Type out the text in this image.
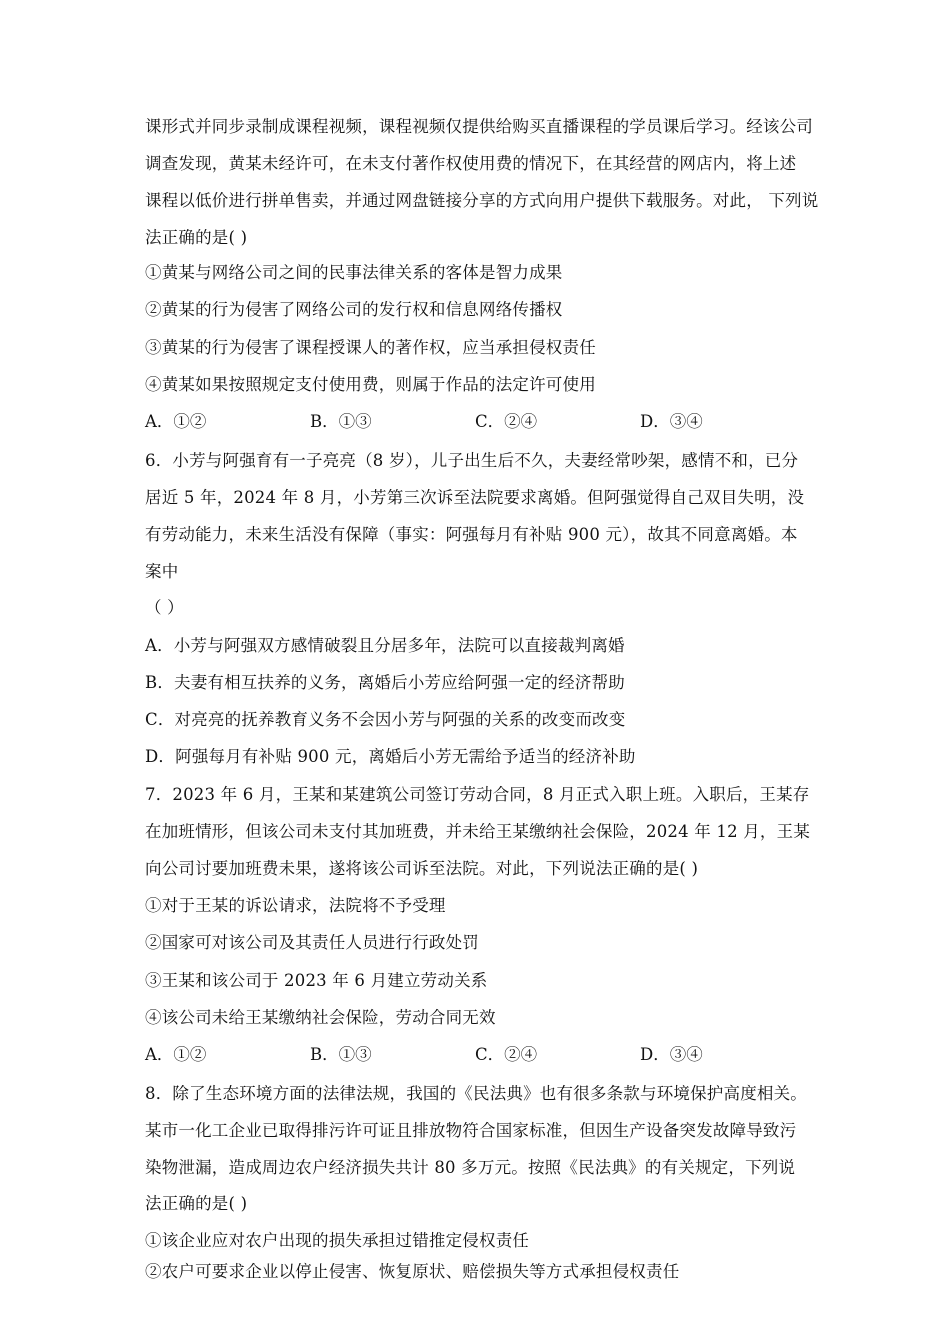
课形式并同步录制成课程视频，课程视频仅提供给购买直播课程的学员课后学习。经该公司
调查发现，黄某未经许可，在未支付著作权使用费的情况下，在其经营的网店内，将上述
课程以低价进行拼单售卖，并通过网盘链接分享的方式向用户提供下载服务。对此， 下列说
法正确的是( )
①黄某与网络公司之间的民事法律关系的客体是智力成果
②黄某的行为侵害了网络公司的发行权和信息网络传播权
③黄某的行为侵害了课程授课人的著作权，应当承担侵权责任
④黄某如果按照规定支付使用费，则属于作品的法定许可使用
A．①②	B．①③	C．②④	D．③④
6．小芳与阿强育有一子亮亮（8 岁），儿子出生后不久，夫妻经常吵架，感情不和，已分
居近 5 年，2024 年 8 月，小芳第三次诉至法院要求离婚。但阿强觉得自己双目失明，没
有劳动能力，未来生活没有保障（事实：阿强每月有补贴 900 元），故其不同意离婚。本
案中
（ ）
A．小芳与阿强双方感情破裂且分居多年，法院可以直接裁判离婚
B．夫妻有相互扶养的义务，离婚后小芳应给阿强一定的经济帮助
C．对亮亮的抚养教育义务不会因小芳与阿强的关系的改变而改变
D．阿强每月有补贴 900 元，离婚后小芳无需给予适当的经济补助
7．2023 年 6 月，王某和某建筑公司签订劳动合同，8 月正式入职上班。入职后，王某存
在加班情形，但该公司未支付其加班费，并未给王某缴纳社会保险，2024 年 12 月，王某
向公司讨要加班费未果，遂将该公司诉至法院。对此，下列说法正确的是( )
①对于王某的诉讼请求，法院将不予受理
②国家可对该公司及其责任人员进行行政处罚
③王某和该公司于 2023 年 6 月建立劳动关系
④该公司未给王某缴纳社会保险，劳动合同无效
A．①②	B．①③	C．②④	D．③④
8．除了生态环境方面的法律法规，我国的《民法典》也有很多条款与环境保护高度相关。
某市一化工企业已取得排污许可证且排放物符合国家标准，但因生产设备突发故障导致污
染物泄漏，造成周边农户经济损失共计 80 多万元。按照《民法典》的有关规定，下列说
法正确的是( )
①该企业应对农户出现的损失承担过错推定侵权责任
②农户可要求企业以停止侵害、恢复原状、赔偿损失等方式承担侵权责任
